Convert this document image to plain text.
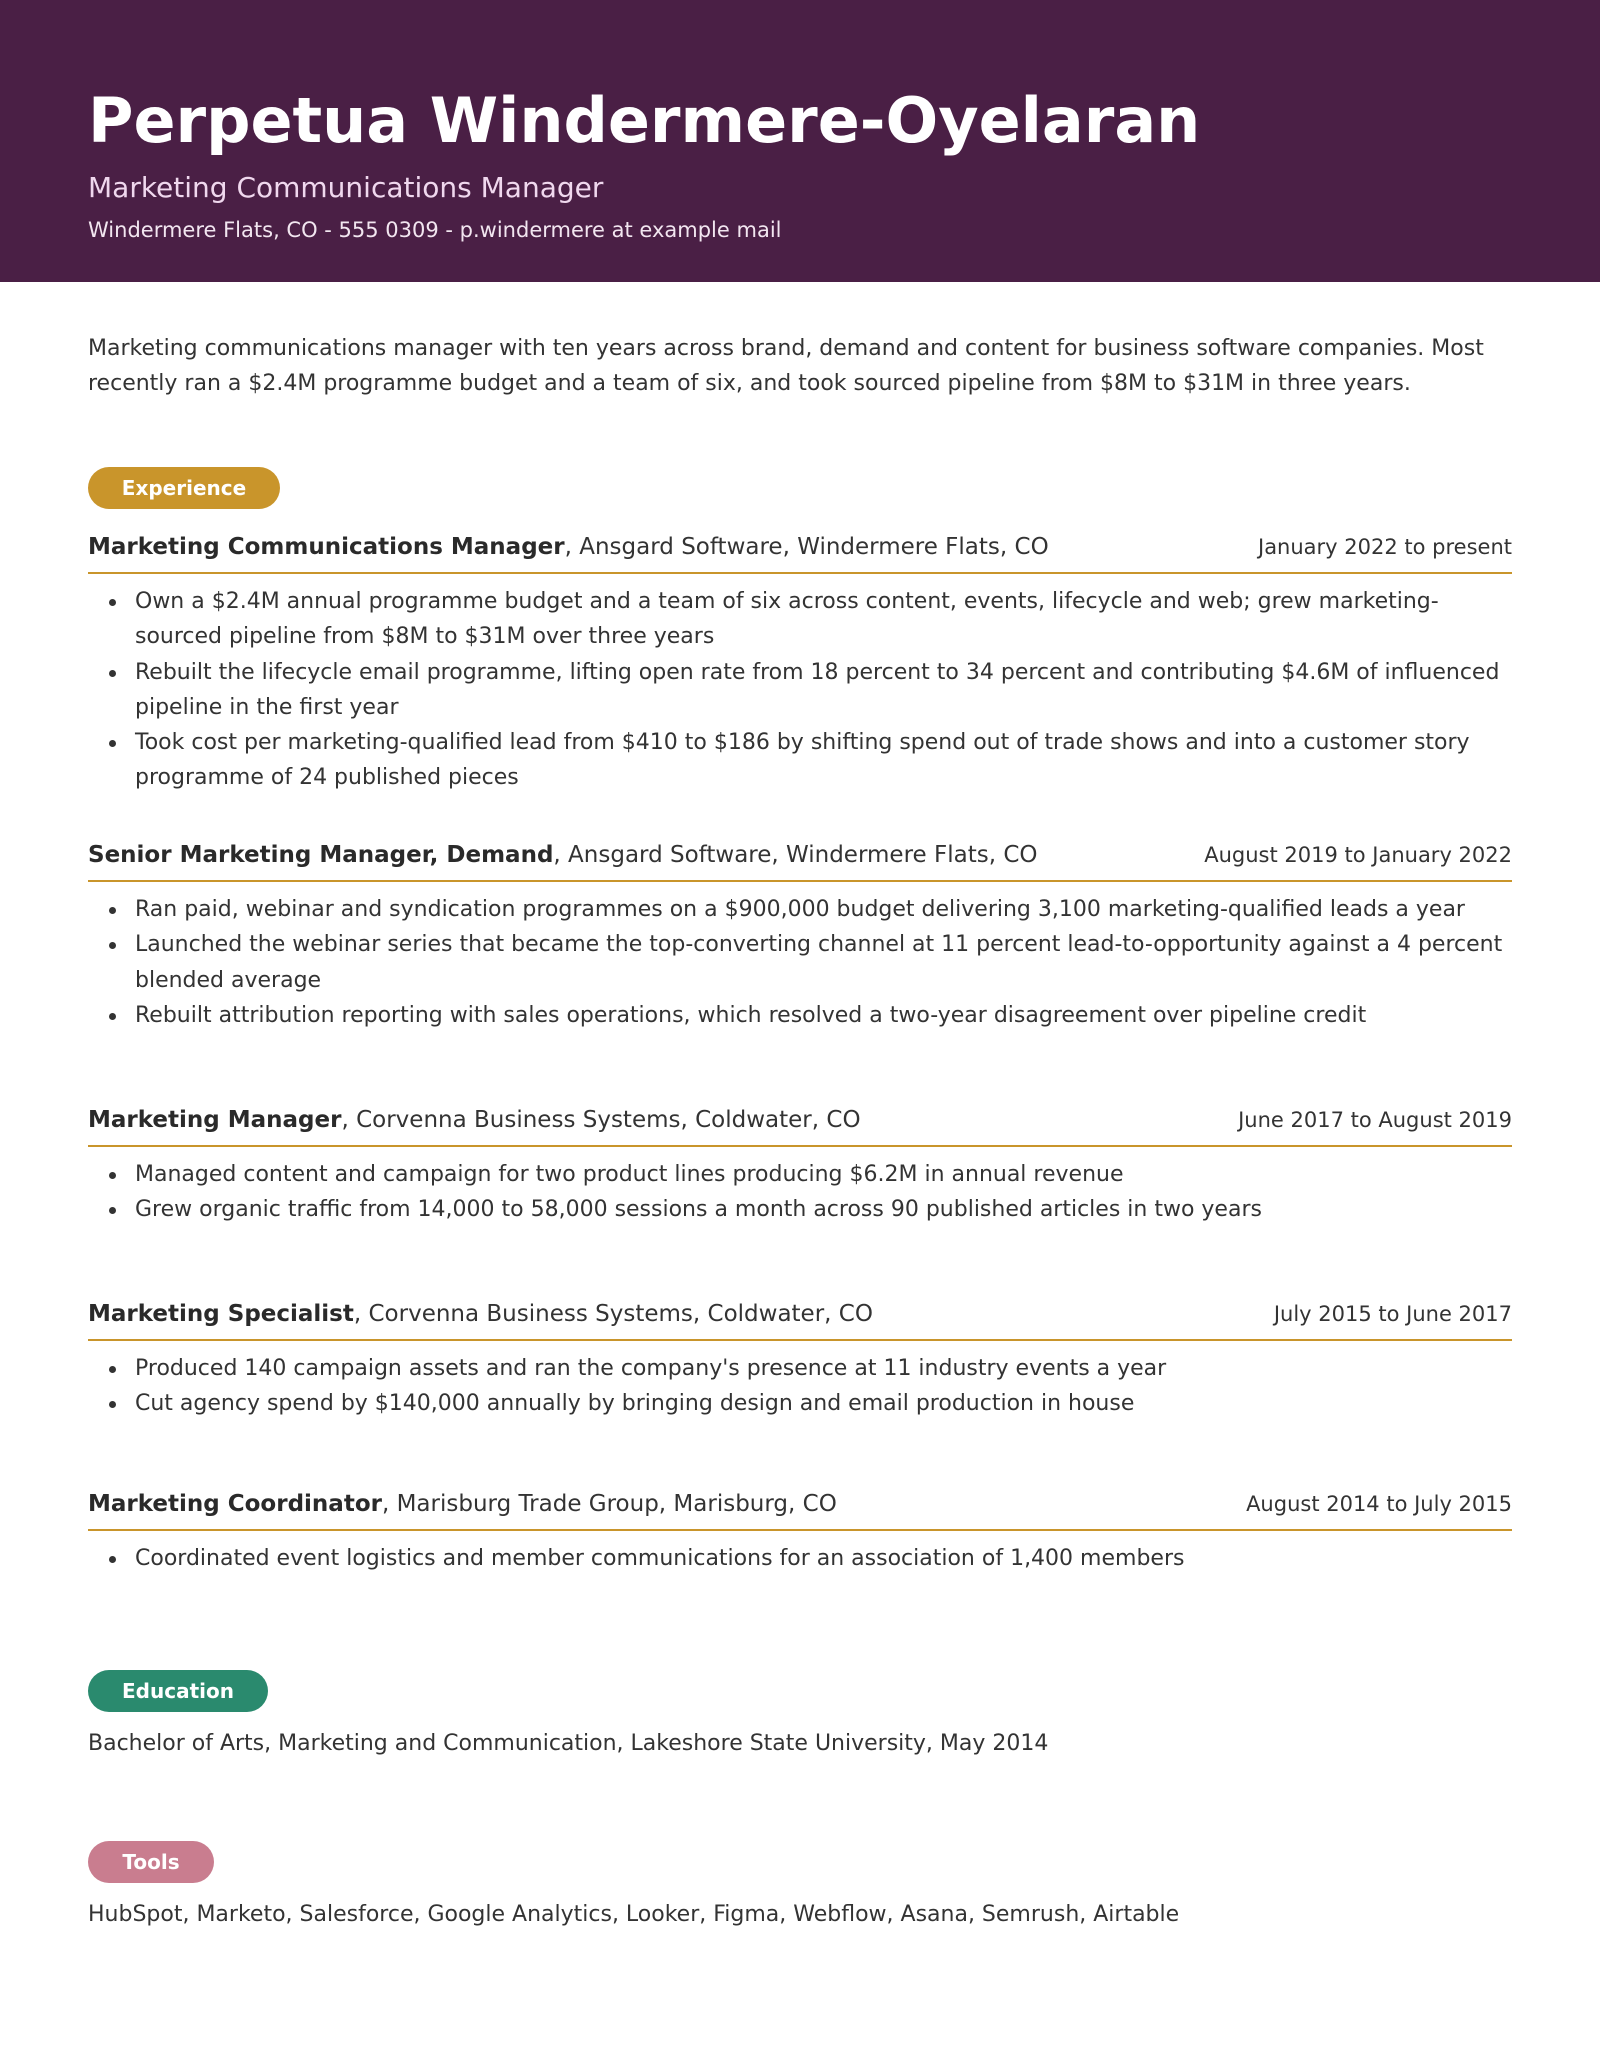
Perpetua Windermere-Oyelaran
Marketing Communications Manager
Windermere Flats, CO - 555 0309 - p.windermere at example mail
Marketing communications manager with ten years across brand, demand and content for business software companies. Most recently ran a $2.4M programme budget and a team of six, and took sourced pipeline from $8M to $31M in three years.
Experience
Marketing Communications Manager, Ansgard Software, Windermere Flats, CO	January 2022 to present
Own a $2.4M annual programme budget and a team of six across content, events, lifecycle and web; grew marketing-sourced pipeline from $8M to $31M over three years
Rebuilt the lifecycle email programme, lifting open rate from 18 percent to 34 percent and contributing $4.6M of influenced pipeline in the first year
Took cost per marketing-qualified lead from $410 to $186 by shifting spend out of trade shows and into a customer story programme of 24 published pieces
Senior Marketing Manager, Demand, Ansgard Software, Windermere Flats, CO	August 2019 to January 2022
Ran paid, webinar and syndication programmes on a $900,000 budget delivering 3,100 marketing-qualified leads a year
Launched the webinar series that became the top-converting channel at 11 percent lead-to-opportunity against a 4 percent blended average
Rebuilt attribution reporting with sales operations, which resolved a two-year disagreement over pipeline credit
Marketing Manager, Corvenna Business Systems, Coldwater, CO	June 2017 to August 2019
Managed content and campaign for two product lines producing $6.2M in annual revenue
Grew organic traffic from 14,000 to 58,000 sessions a month across 90 published articles in two years
Marketing Specialist, Corvenna Business Systems, Coldwater, CO	July 2015 to June 2017
Produced 140 campaign assets and ran the company's presence at 11 industry events a year
Cut agency spend by $140,000 annually by bringing design and email production in house
Marketing Coordinator, Marisburg Trade Group, Marisburg, CO	August 2014 to July 2015
Coordinated event logistics and member communications for an association of 1,400 members
Education
Bachelor of Arts, Marketing and Communication, Lakeshore State University, May 2014
Tools
HubSpot, Marketo, Salesforce, Google Analytics, Looker, Figma, Webflow, Asana, Semrush, Airtable
